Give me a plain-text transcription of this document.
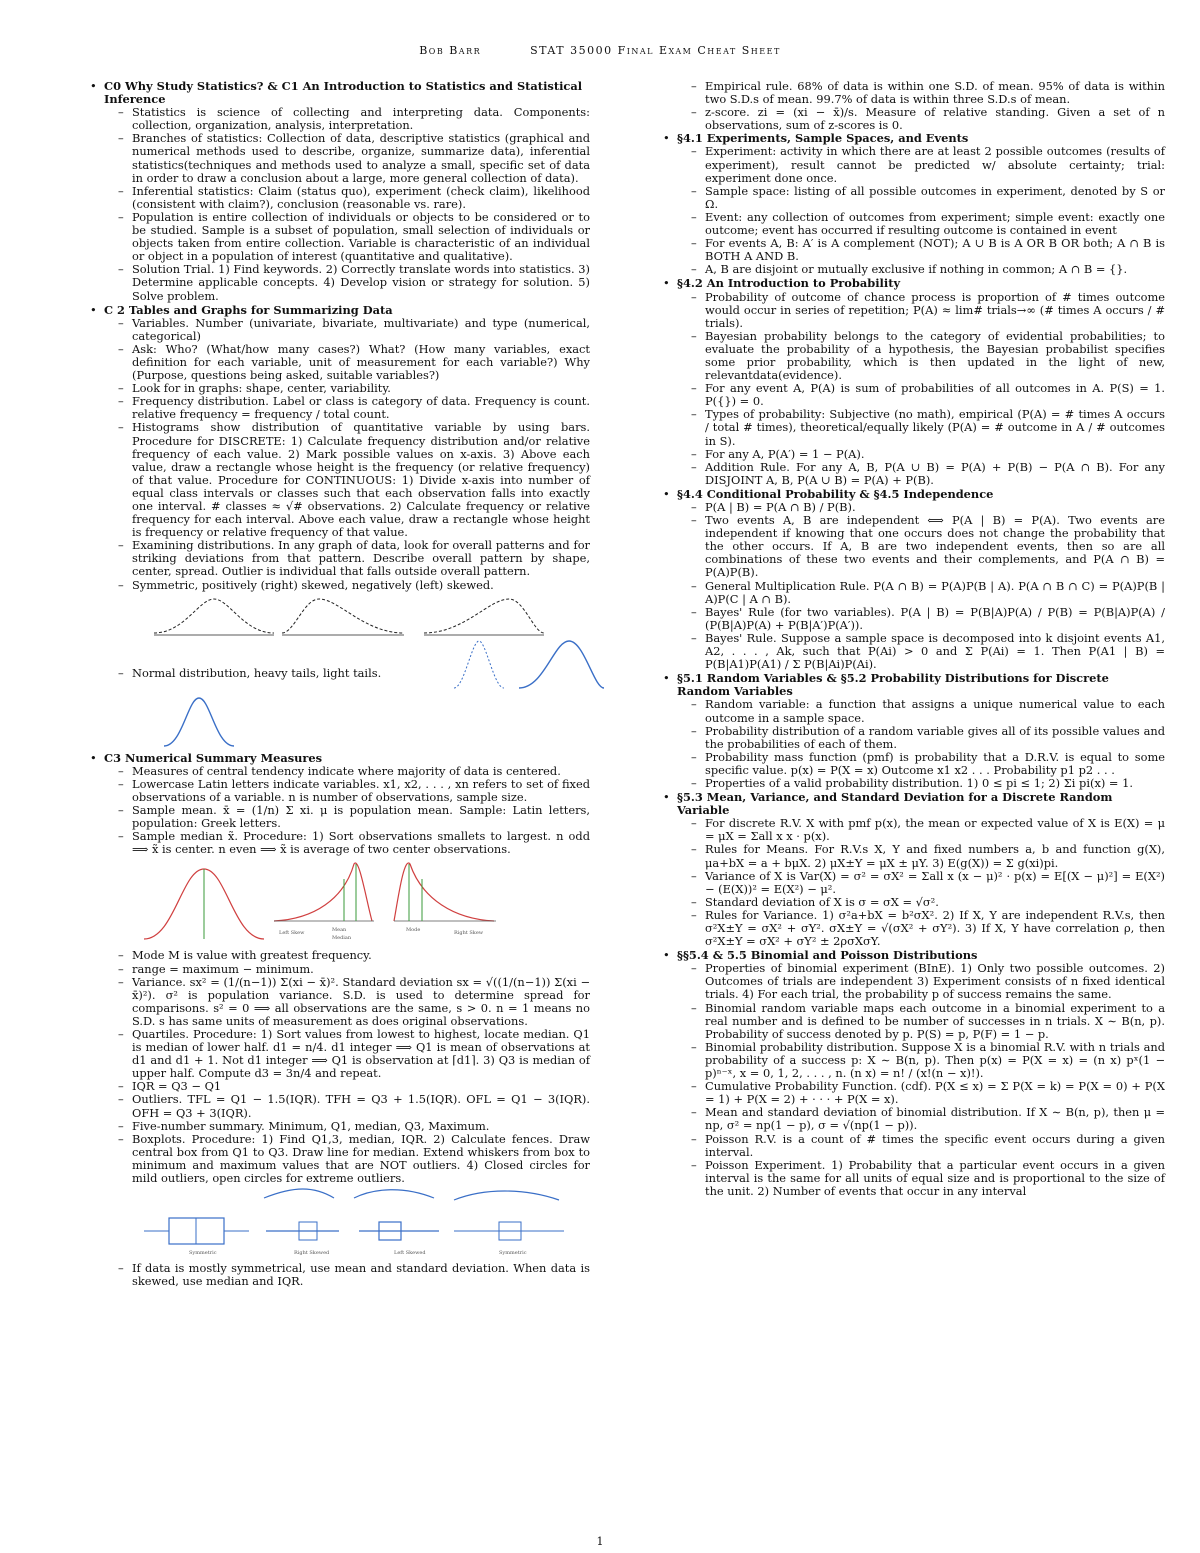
Bob Barr	STAT 35000 Final Exam Cheat Sheet
• C0 Why Study Statistics? & C1 An Introduction to Statistics and Statistical Inference
– Statistics is science of collecting and interpreting data. Components: collection, organization, analysis, interpretation.
– Branches of statistics: Collection of data, descriptive statistics (graphical and numerical methods used to describe, organize, summarize data), inferential statistics(techniques and methods used to analyze a small, specific set of data in order to draw a conclusion about a large, more general collection of data).
– Inferential statistics: Claim (status quo), experiment (check claim), likelihood (consistent with claim?), conclusion (reasonable vs. rare).
– Population is entire collection of individuals or objects to be considered or to be studied. Sample is a subset of population, small selection of individuals or objects taken from entire collection. Variable is characteristic of an individual or object in a population of interest (quantitative and qualitative).
– Solution Trial. 1) Find keywords. 2) Correctly translate words into statistics. 3) Determine applicable concepts. 4) Develop vision or strategy for solution. 5) Solve problem.
• C 2 Tables and Graphs for Summarizing Data
– Variables. Number (univariate, bivariate, multivariate) and type (numerical, categorical)
– Ask: Who? (What/how many cases?) What? (How many variables, exact definition for each variable, unit of measurement for each variable?) Why (Purpose, questions being asked, suitable variables?)
– Look for in graphs: shape, center, variability.
– Frequency distribution. Label or class is category of data. Frequency is count. relative frequency = frequency / total count.
– Histograms show distribution of quantitative variable by using bars. Procedure for DISCRETE: 1) Calculate frequency distribution and/or relative frequency of each value. 2) Mark possible values on x-axis. 3) Above each value, draw a rectangle whose height is the frequency (or relative frequency) of that value. Procedure for CONTINUOUS: 1) Divide x-axis into number of equal class intervals or classes such that each observation falls into exactly one interval. # classes ≈ √# observations. 2) Calculate frequency or relative frequency for each interval. Above each value, draw a rectangle whose height is frequency or relative frequency of that value.
– Examining distributions. In any graph of data, look for overall patterns and for striking deviations from that pattern. Describe overall pattern by shape, center, spread. Outlier is individual that falls outside overall pattern.
– Symmetric, positively (right) skewed, negatively (left) skewed.
– Normal distribution, heavy tails, light tails.
• C3 Numerical Summary Measures
– Measures of central tendency indicate where majority of data is centered.
– Lowercase Latin letters indicate variables. x1, x2, . . . , xn refers to set of fixed observations of a variable. n is number of observations, sample size.
– Sample mean. x̄ = (1/n) Σ xi. μ is population mean. Sample: Latin letters, population: Greek letters.
– Sample median x̃. Procedure: 1) Sort observations smallets to largest. n odd ⟹ x̃ is center. n even ⟹ x̃ is average of two center observations.
Left Skew	Mean
Median
Mode	Right Skew
– Mode M is value with greatest frequency.
– range = maximum − minimum.
– Variance. sx² = (1/(n−1)) Σ(xi − x̄)². Standard deviation sx = √((1/(n−1)) Σ(xi − x̄)²). σ² is population variance. S.D. is used to determine spread for comparisons. s² = 0 ⟹ all observations are the same, s > 0. n = 1 means no S.D. s has same units of measurement as does original observations.
– Quartiles. Procedure: 1) Sort values from lowest to highest, locate median. Q1 is median of lower half. d1 = n/4. d1 integer ⟹ Q1 is mean of observations at d1 and d1 + 1. Not d1 integer ⟹ Q1 is observation at ⌈d1⌉. 3) Q3 is median of upper half. Compute d3 = 3n/4 and repeat.
– IQR = Q3 − Q1
– Outliers. TFL = Q1 − 1.5(IQR). TFH = Q3 + 1.5(IQR). OFL = Q1 − 3(IQR). OFH = Q3 + 3(IQR).
– Five-number summary. Minimum, Q1, median, Q3, Maximum.
– Boxplots. Procedure: 1) Find Q1,3, median, IQR. 2) Calculate fences. Draw central box from Q1 to Q3. Draw line for median. Extend whiskers from box to minimum and maximum values that are NOT outliers. 4) Closed circles for mild outliers, open circles for extreme outliers.
Symmetric	Right Skewed	Left Skewed	Symmetric
– If data is mostly symmetrical, use mean and standard deviation. When data is skewed, use median and IQR.
– Empirical rule. 68% of data is within one S.D. of mean. 95% of data is within two S.D.s of mean. 99.7% of data is within three S.D.s of mean.
– z-score. zi = (xi − x̄)/s. Measure of relative standing. Given a set of n observations, sum of z-scores is 0.
• §4.1 Experiments, Sample Spaces, and Events
– Experiment: activity in which there are at least 2 possible outcomes (results of experiment), result cannot be predicted w/ absolute certainty; trial: experiment done once.
– Sample space: listing of all possible outcomes in experiment, denoted by S or Ω.
– Event: any collection of outcomes from experiment; simple event: exactly one outcome; event has occurred if resulting outcome is contained in event
– For events A, B: A′ is A complement (NOT); A ∪ B is A OR B OR both; A ∩ B is BOTH A AND B.
– A, B are disjoint or mutually exclusive if nothing in common; A ∩ B = {}.
• §4.2 An Introduction to Probability
– Probability of outcome of chance process is proportion of # times outcome would occur in series of repetition; P(A) ≈ lim# trials→∞ (# times A occurs / # trials).
– Bayesian probability belongs to the category of evidential probabilities; to evaluate the probability of a hypothesis, the Bayesian probabilist specifies some prior probability, which is then updated in the light of new, relevantdata(evidence).
– For any event A, P(A) is sum of probabilities of all outcomes in A. P(S) = 1. P({}) = 0.
– Types of probability: Subjective (no math), empirical (P(A) = # times A occurs / total # times), theoretical/equally likely (P(A) = # outcome in A / # outcomes in S).
– For any A, P(A′) = 1 − P(A).
– Addition Rule. For any A, B, P(A ∪ B) = P(A) + P(B) − P(A ∩ B). For any DISJOINT A, B, P(A ∪ B) = P(A) + P(B).
• §4.4 Conditional Probability & §4.5 Independence
– P(A | B) = P(A ∩ B) / P(B).
– Two events A, B are independent ⟺ P(A | B) = P(A). Two events are independent if knowing that one occurs does not change the probability that the other occurs. If A, B are two independent events, then so are all combinations of these two events and their complements, and P(A ∩ B) = P(A)P(B).
– General Multiplication Rule. P(A ∩ B) = P(A)P(B | A). P(A ∩ B ∩ C) = P(A)P(B | A)P(C | A ∩ B).
– Bayes' Rule (for two variables). P(A | B) = P(B|A)P(A) / P(B) = P(B|A)P(A) / (P(B|A)P(A) + P(B|A′)P(A′)).
– Bayes' Rule. Suppose a sample space is decomposed into k disjoint events A1, A2, . . . , Ak, such that P(Ai) > 0 and Σ P(Ai) = 1. Then P(A1 | B) = P(B|A1)P(A1) / Σ P(B|Ai)P(Ai).
• §5.1 Random Variables & §5.2 Probability Distributions for Discrete Random Variables
– Random variable: a function that assigns a unique numerical value to each outcome in a sample space.
– Probability distribution of a random variable gives all of its possible values and the probabilities of each of them.
– Probability mass function (pmf) is probability that a D.R.V. is equal to some specific value. p(x) = P(X = x) Outcome x1 x2 . . . Probability p1 p2 . . .
– Properties of a valid probability distribution. 1) 0 ≤ pi ≤ 1; 2) Σi pi(x) = 1.
• §5.3 Mean, Variance, and Standard Deviation for a Discrete Random Variable
– For discrete R.V. X with pmf p(x), the mean or expected value of X is E(X) = μ = μX = Σall x x · p(x).
– Rules for Means. For R.V.s X, Y and fixed numbers a, b and function g(X), μa+bX = a + bμX. 2) μX±Y = μX ± μY. 3) E(g(X)) = Σ g(xi)pi.
– Variance of X is Var(X) = σ² = σX² = Σall x (x − μ)² · p(x) = E[(X − μ)²] = E(X²) − (E(X))² = E(X²) − μ².
– Standard deviation of X is σ = σX = √σ².
– Rules for Variance. 1) σ²a+bX = b²σX². 2) If X, Y are independent R.V.s, then σ²X±Y = σX² + σY². σX±Y = √(σX² + σY²). 3) If X, Y have correlation ρ, then σ²X±Y = σX² + σY² ± 2ρσXσY.
• §§5.4 & 5.5 Binomial and Poisson Distributions
– Properties of binomial experiment (BInE). 1) Only two possible outcomes. 2) Outcomes of trials are independent 3) Experiment consists of n fixed identical trials. 4) For each trial, the probability p of success remains the same.
– Binomial random variable maps each outcome in a binomial experiment to a real number and is defined to be number of successes in n trials. X ∼ B(n, p). Probability of success denoted by p. P(S) = p, P(F) = 1 − p.
– Binomial probability distribution. Suppose X is a binomial R.V. with n trials and probability of a success p: X ∼ B(n, p). Then p(x) = P(X = x) = (n x) pˣ(1 − p)ⁿ⁻ˣ, x = 0, 1, 2, . . . , n. (n x) = n! / (x!(n − x)!).
– Cumulative Probability Function. (cdf). P(X ≤ x) = Σ P(X = k) = P(X = 0) + P(X = 1) + P(X = 2) + · · · + P(X = x).
– Mean and standard deviation of binomial distribution. If X ∼ B(n, p), then μ = np, σ² = np(1 − p), σ = √(np(1 − p)).
– Poisson R.V. is a count of # times the specific event occurs during a given interval.
– Poisson Experiment. 1) Probability that a particular event occurs in a given interval is the same for all units of equal size and is proportional to the size of the unit. 2) Number of events that occur in any interval
1
